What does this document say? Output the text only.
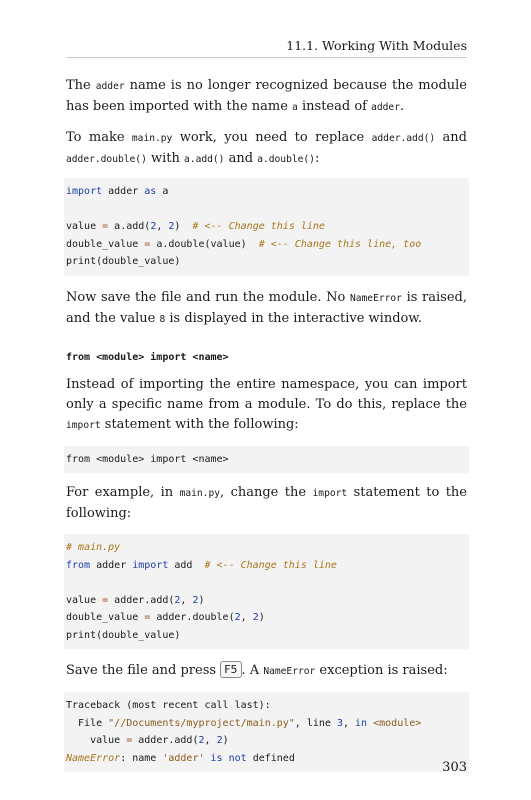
11.1. Working With Modules

The adder name is no longer recognized because the module has been imported with the name a instead of adder.

To make main.py work, you need to replace adder.add() and adder.double() with a.add() and a.double():

import adder as a

value = a.add(2, 2)  # <-- Change this line
double_value = a.double(value)  # <-- Change this line, too
print(double_value)

Now save the file and run the module. No NameError is raised, and the value 8 is displayed in the interactive window.

from <module> import <name>

Instead of importing the entire namespace, you can import only a specific name from a module. To do this, replace the import statement with the following:

from <module> import <name>

For example, in main.py, change the import statement to the following:

# main.py
from adder import add  # <-- Change this line

value = adder.add(2, 2)
double_value = adder.double(2, 2)
print(double_value)

Save the file and press F5 . A NameError exception is raised:

Traceback (most recent call last):
File "//Documents/myproject/main.py", line 3, in <module>
value = adder.add(2, 2)
NameError: name 'adder' is not defined
303
